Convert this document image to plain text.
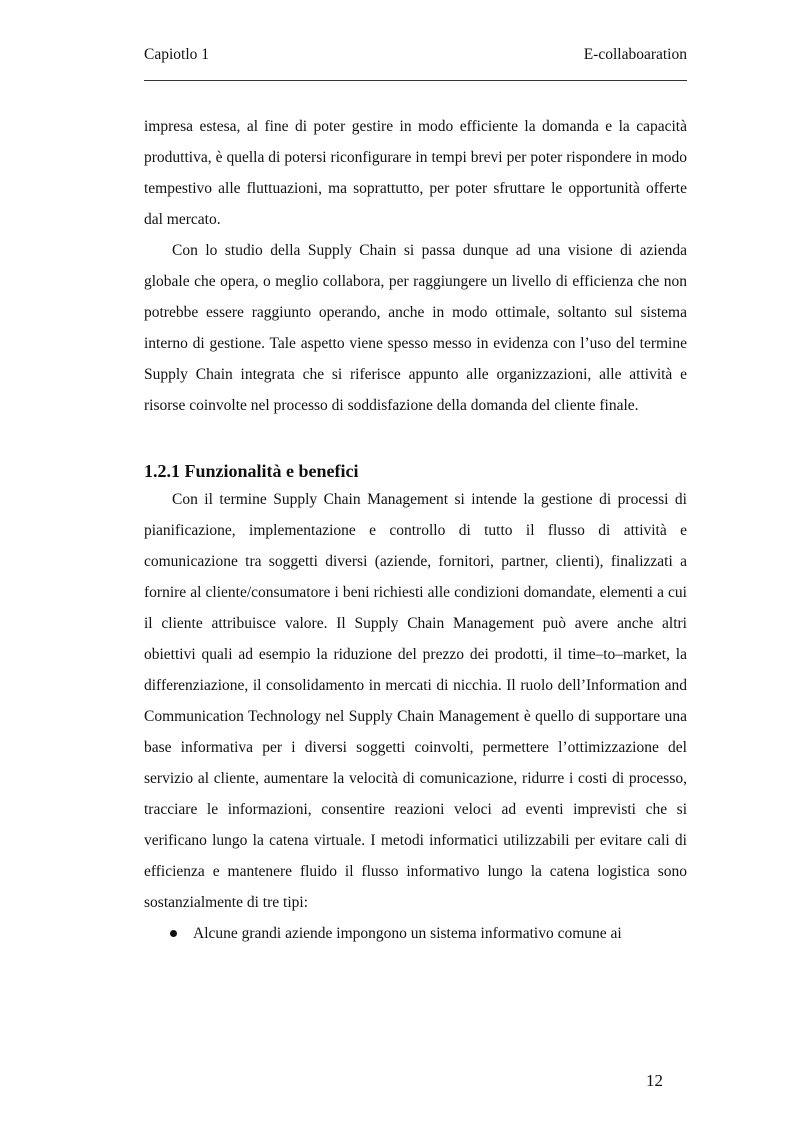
Capiotlo 1	E-collaboaration

impresa estesa, al fine di poter gestire in modo efficiente la domanda e la capacità produttiva, è quella di potersi riconfigurare in tempi brevi per poter rispondere in modo tempestivo alle fluttuazioni, ma soprattutto, per poter sfruttare le opportunità offerte dal mercato.

Con lo studio della Supply Chain si passa dunque ad una visione di azienda globale che opera, o meglio collabora, per raggiungere un livello di efficienza che non potrebbe essere raggiunto operando, anche in modo ottimale, soltanto sul sistema interno di gestione. Tale aspetto viene spesso messo in evidenza con l’uso del termine Supply Chain integrata che si riferisce appunto alle organizzazioni, alle attività e risorse coinvolte nel processo di soddisfazione della domanda del cliente finale.

1.2.1 Funzionalità e benefici

Con il termine Supply Chain Management si intende la gestione di processi di pianificazione, implementazione e controllo di tutto il flusso di attività e comunicazione tra soggetti diversi (aziende, fornitori, partner, clienti), finalizzati a fornire al cliente/consumatore i beni richiesti alle condizioni domandate, elementi a cui il cliente attribuisce valore. Il Supply Chain Management può avere anche altri obiettivi quali ad esempio la riduzione del prezzo dei prodotti, il time–to–market, la differenziazione, il consolidamento in mercati di nicchia. Il ruolo dell’Information and Communication Technology nel Supply Chain Management è quello di supportare una base informativa per i diversi soggetti coinvolti, permettere l’ottimizzazione del servizio al cliente, aumentare la velocità di comunicazione, ridurre i costi di processo, tracciare le informazioni, consentire reazioni veloci ad eventi imprevisti che si verificano lungo la catena virtuale. I metodi informatici utilizzabili per evitare cali di efficienza e mantenere fluido il flusso informativo lungo la catena logistica sono sostanzialmente di tre tipi:

Alcune grandi aziende impongono un sistema informativo comune ai
12
